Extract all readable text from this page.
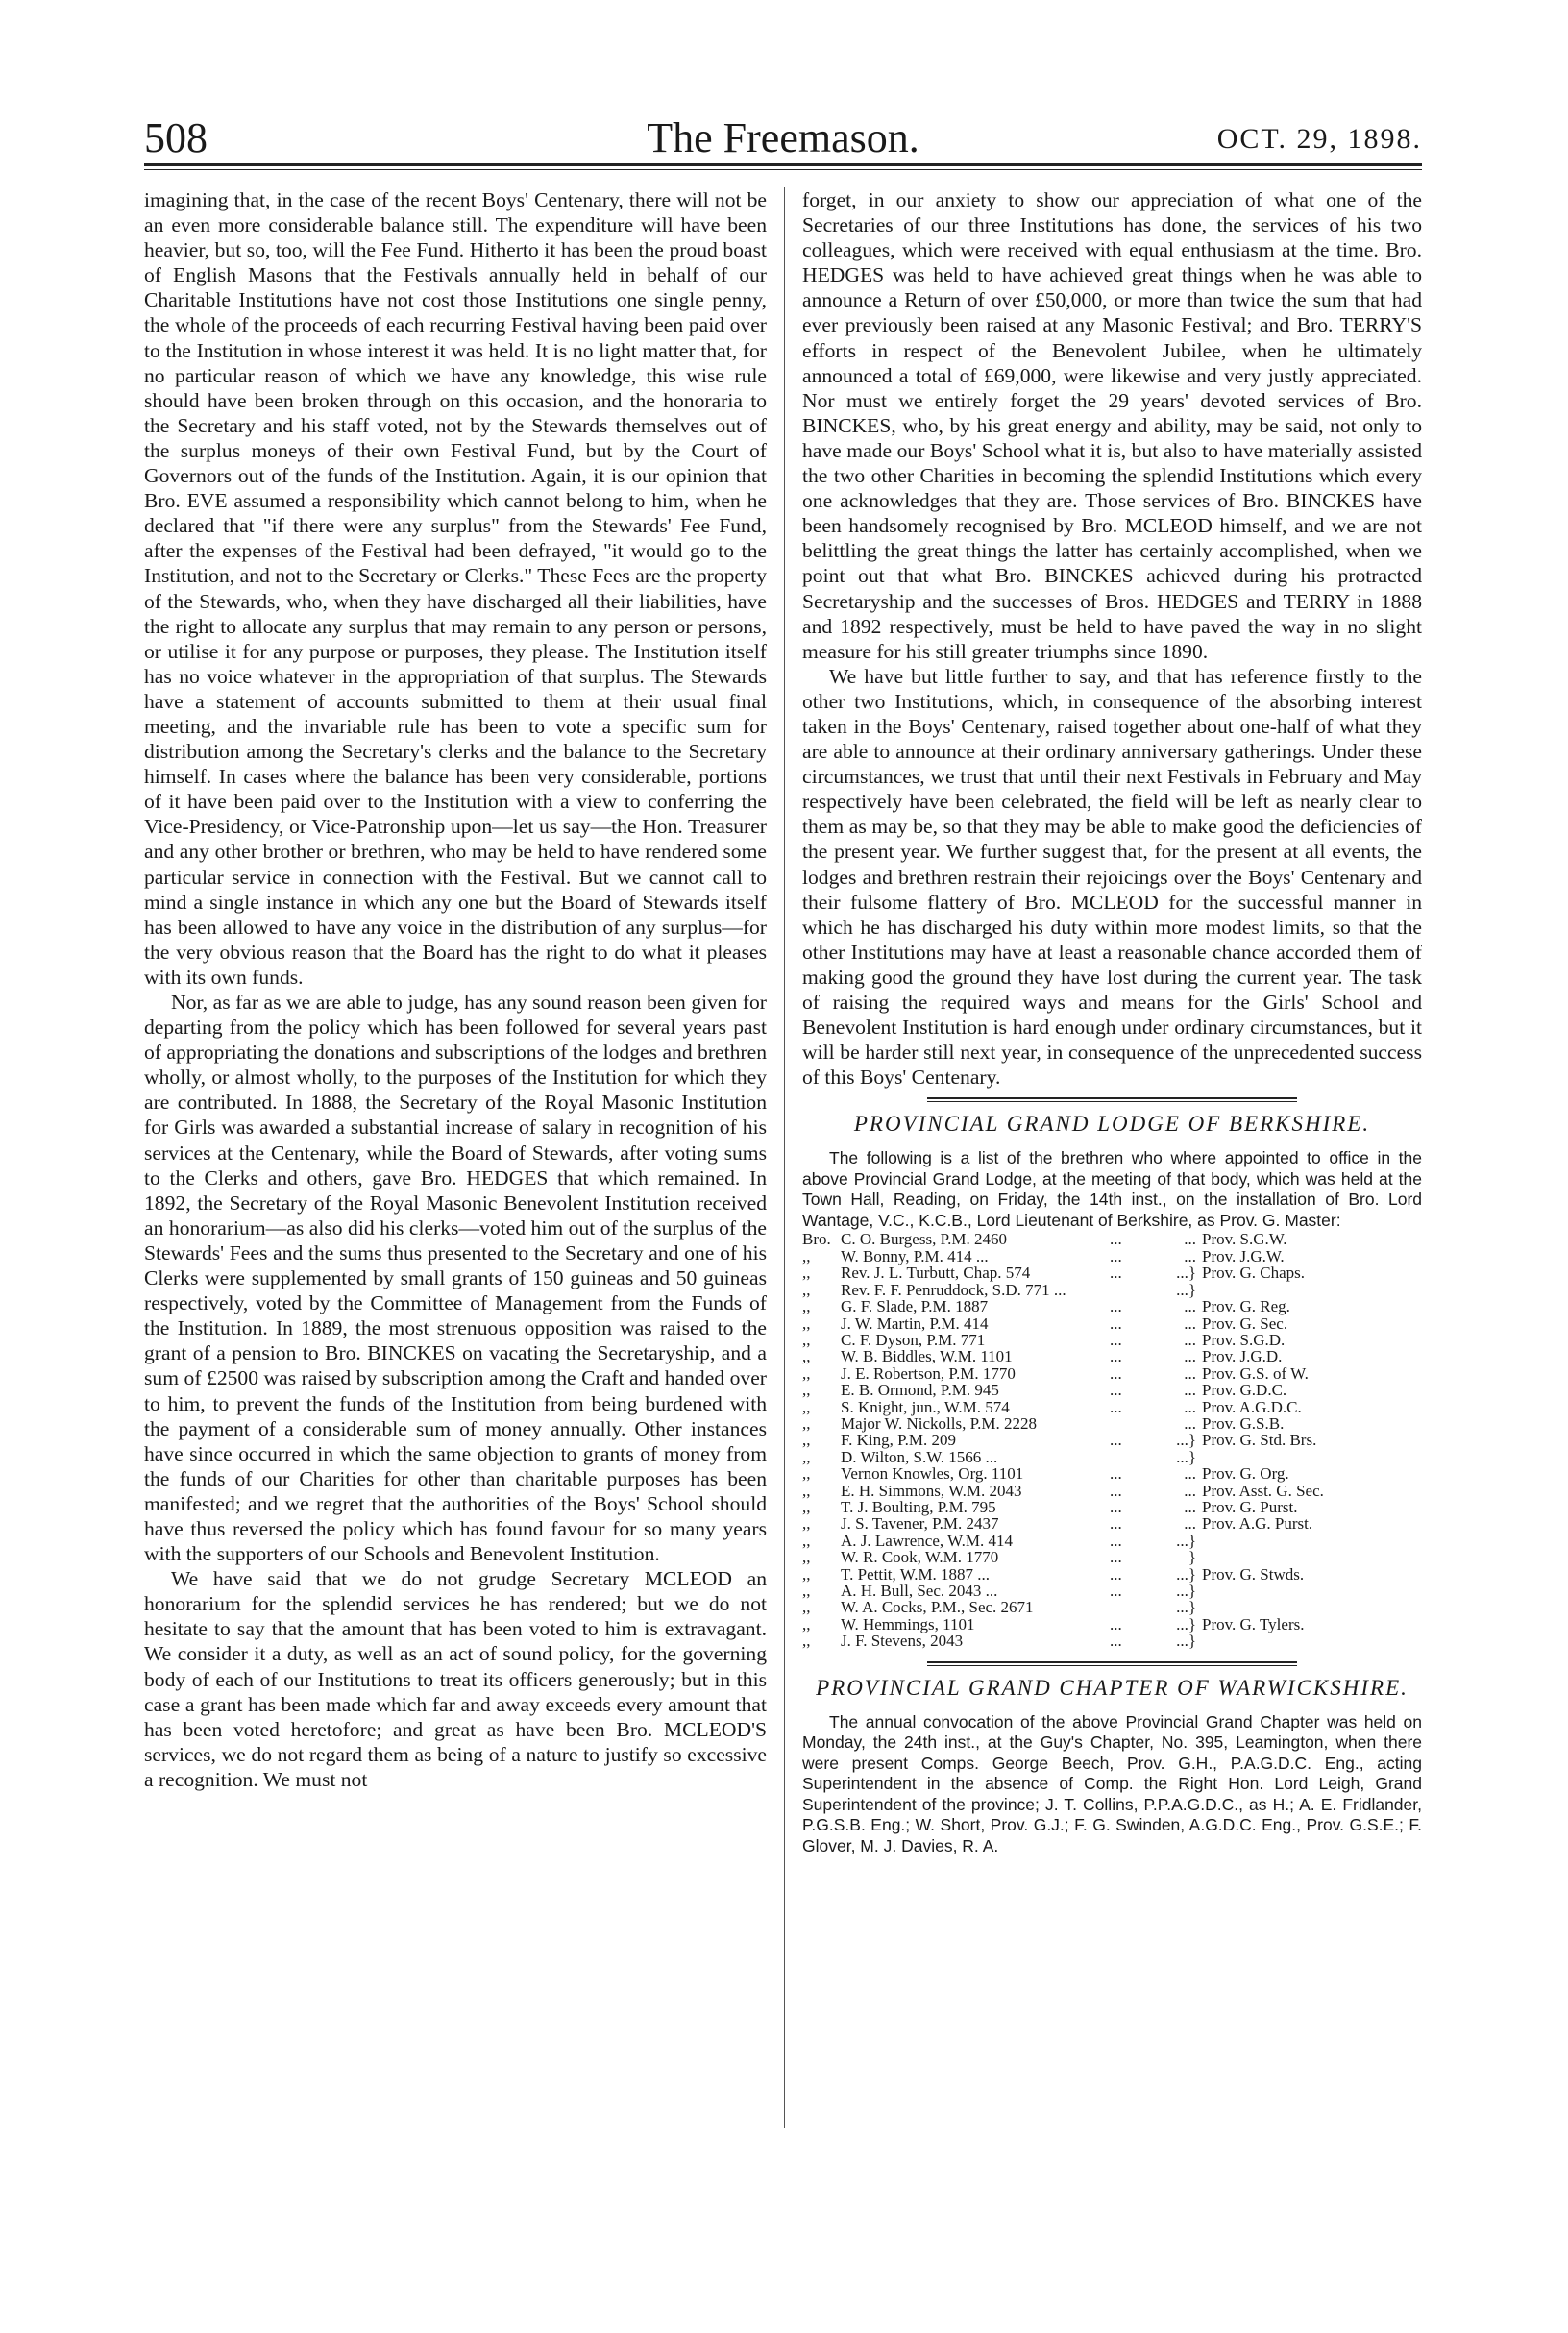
508	The Freemason.	OCT. 29, 1898.

imagining that, in the case of the recent Boys' Centenary, there will not be an even more considerable balance still. The expenditure will have been heavier, but so, too, will the Fee Fund. Hitherto it has been the proud boast of English Masons that the Festivals annually held in behalf of our Charitable Institutions have not cost those Institutions one single penny, the whole of the proceeds of each recurring Festival having been paid over to the Institution in whose interest it was held. It is no light matter that, for no particular reason of which we have any knowledge, this wise rule should have been broken through on this occasion, and the honoraria to the Secretary and his staff voted, not by the Stewards themselves out of the surplus moneys of their own Festival Fund, but by the Court of Governors out of the funds of the Institution. Again, it is our opinion that Bro. EVE assumed a responsibility which cannot belong to him, when he declared that "if there were any surplus" from the Stewards' Fee Fund, after the expenses of the Festival had been defrayed, "it would go to the Institution, and not to the Secretary or Clerks." These Fees are the property of the Stewards, who, when they have discharged all their liabilities, have the right to allocate any surplus that may remain to any person or persons, or utilise it for any purpose or purposes, they please. The Institution itself has no voice whatever in the appropriation of that surplus. The Stewards have a statement of accounts submitted to them at their usual final meeting, and the invariable rule has been to vote a specific sum for distribution among the Secretary's clerks and the balance to the Secretary himself. In cases where the balance has been very considerable, portions of it have been paid over to the Institution with a view to conferring the Vice-Presidency, or Vice-Patronship upon—let us say—the Hon. Treasurer and any other brother or brethren, who may be held to have rendered some particular service in connection with the Festival. But we cannot call to mind a single instance in which any one but the Board of Stewards itself has been allowed to have any voice in the distribution of any surplus—for the very obvious reason that the Board has the right to do what it pleases with its own funds.

Nor, as far as we are able to judge, has any sound reason been given for departing from the policy which has been followed for several years past of appropriating the donations and subscriptions of the lodges and brethren wholly, or almost wholly, to the purposes of the Institution for which they are contributed. In 1888, the Secretary of the Royal Masonic Institution for Girls was awarded a substantial increase of salary in recognition of his services at the Centenary, while the Board of Stewards, after voting sums to the Clerks and others, gave Bro. HEDGES that which remained. In 1892, the Secretary of the Royal Masonic Benevolent Institution received an honorarium—as also did his clerks—voted him out of the surplus of the Stewards' Fees and the sums thus presented to the Secretary and one of his Clerks were supplemented by small grants of 150 guineas and 50 guineas respectively, voted by the Committee of Management from the Funds of the Institution. In 1889, the most strenuous opposition was raised to the grant of a pension to Bro. BINCKES on vacating the Secretaryship, and a sum of £2500 was raised by subscription among the Craft and handed over to him, to prevent the funds of the Institution from being burdened with the payment of a considerable sum of money annually. Other instances have since occurred in which the same objection to grants of money from the funds of our Charities for other than charitable purposes has been manifested; and we regret that the authorities of the Boys' School should have thus reversed the policy which has found favour for so many years with the supporters of our Schools and Benevolent Institution.

We have said that we do not grudge Secretary MCLEOD an honorarium for the splendid services he has rendered; but we do not hesitate to say that the amount that has been voted to him is extravagant. We consider it a duty, as well as an act of sound policy, for the governing body of each of our Institutions to treat its officers generously; but in this case a grant has been made which far and away exceeds every amount that has been voted heretofore; and great as have been Bro. MCLEOD'S services, we do not regard them as being of a nature to justify so excessive a recognition. We must not

forget, in our anxiety to show our appreciation of what one of the Secretaries of our three Institutions has done, the services of his two colleagues, which were received with equal enthusiasm at the time. Bro. HEDGES was held to have achieved great things when he was able to announce a Return of over £50,000, or more than twice the sum that had ever previously been raised at any Masonic Festival; and Bro. TERRY'S efforts in respect of the Benevolent Jubilee, when he ultimately announced a total of £69,000, were likewise and very justly appreciated. Nor must we entirely forget the 29 years' devoted services of Bro. BINCKES, who, by his great energy and ability, may be said, not only to have made our Boys' School what it is, but also to have materially assisted the two other Charities in becoming the splendid Institutions which every one acknowledges that they are. Those services of Bro. BINCKES have been handsomely recognised by Bro. MCLEOD himself, and we are not belittling the great things the latter has certainly accomplished, when we point out that what Bro. BINCKES achieved during his protracted Secretaryship and the successes of Bros. HEDGES and TERRY in 1888 and 1892 respectively, must be held to have paved the way in no slight measure for his still greater triumphs since 1890.

We have but little further to say, and that has reference firstly to the other two Institutions, which, in consequence of the absorbing interest taken in the Boys' Centenary, raised together about one-half of what they are able to announce at their ordinary anniversary gatherings. Under these circumstances, we trust that until their next Festivals in February and May respectively have been celebrated, the field will be left as nearly clear to them as may be, so that they may be able to make good the deficiencies of the present year. We further suggest that, for the present at all events, the lodges and brethren restrain their rejoicings over the Boys' Centenary and their fulsome flattery of Bro. MCLEOD for the successful manner in which he has discharged his duty within more modest limits, so that the other Institutions may have at least a reasonable chance accorded them of making good the ground they have lost during the current year. The task of raising the required ways and means for the Girls' School and Benevolent Institution is hard enough under ordinary circumstances, but it will be harder still next year, in consequence of the unprecedented success of this Boys' Centenary.

PROVINCIAL GRAND LODGE OF BERKSHIRE.

The following is a list of the brethren who where appointed to office in the above Provincial Grand Lodge, at the meeting of that body, which was held at the Town Hall, Reading, on Friday, the 14th inst., on the installation of Bro. Lord Wantage, V.C., K.C.B., Lord Lieutenant of Berkshire, as Prov. G. Master:

Bro.	C. O. Burgess, P.M. 2460	...	...	Prov. S.G.W.
,,	W. Bonny, P.M. 414 ...	...	...	Prov. J.G.W.
,,	Rev. J. L. Turbutt, Chap. 574	...	...}	Prov. G. Chaps.
,,	Rev. F. F. Penruddock, S.D. 771 ...		...}	
,,	G. F. Slade, P.M. 1887	...	...	Prov. G. Reg.
,,	J. W. Martin, P.M. 414	...	...	Prov. G. Sec.
,,	C. F. Dyson, P.M. 771	...	...	Prov. S.G.D.
,,	W. B. Biddles, W.M. 1101	...	...	Prov. J.G.D.
,,	J. E. Robertson, P.M. 1770	...	...	Prov. G.S. of W.
,,	E. B. Ormond, P.M. 945	...	...	Prov. G.D.C.
,,	S. Knight, jun., W.M. 574	...	...	Prov. A.G.D.C.
,,	Major W. Nickolls, P.M. 2228		...	Prov. G.S.B.
,,	F. King, P.M. 209	...	...}	Prov. G. Std. Brs.
,,	D. Wilton, S.W. 1566 ...		...}	
,,	Vernon Knowles, Org. 1101	...	...	Prov. G. Org.
,,	E. H. Simmons, W.M. 2043	...	...	Prov. Asst. G. Sec.
,,	T. J. Boulting, P.M. 795	...	...	Prov. G. Purst.
,,	J. S. Tavener, P.M. 2437	...	...	Prov. A.G. Purst.
,,	A. J. Lawrence, W.M. 414	...	...}	
,,	W. R. Cook, W.M. 1770	...	}	
,,	T. Pettit, W.M. 1887 ...	...	...}	Prov. G. Stwds.
,,	A. H. Bull, Sec. 2043 ...	...	...}	
,,	W. A. Cocks, P.M., Sec. 2671		...}	
,,	W. Hemmings, 1101	...	...}	Prov. G. Tylers.
,,	J. F. Stevens, 2043	...	...}	
PROVINCIAL GRAND CHAPTER OF WARWICKSHIRE.

The annual convocation of the above Provincial Grand Chapter was held on Monday, the 24th inst., at the Guy's Chapter, No. 395, Leamington, when there were present Comps. George Beech, Prov. G.H., P.A.G.D.C. Eng., acting Superintendent in the absence of Comp. the Right Hon. Lord Leigh, Grand Superintendent of the province; J. T. Collins, P.P.A.G.D.C., as H.; A. E. Fridlander, P.G.S.B. Eng.; W. Short, Prov. G.J.; F. G. Swinden, A.G.D.C. Eng., Prov. G.S.E.; F. Glover, M. J. Davies, R. A.
